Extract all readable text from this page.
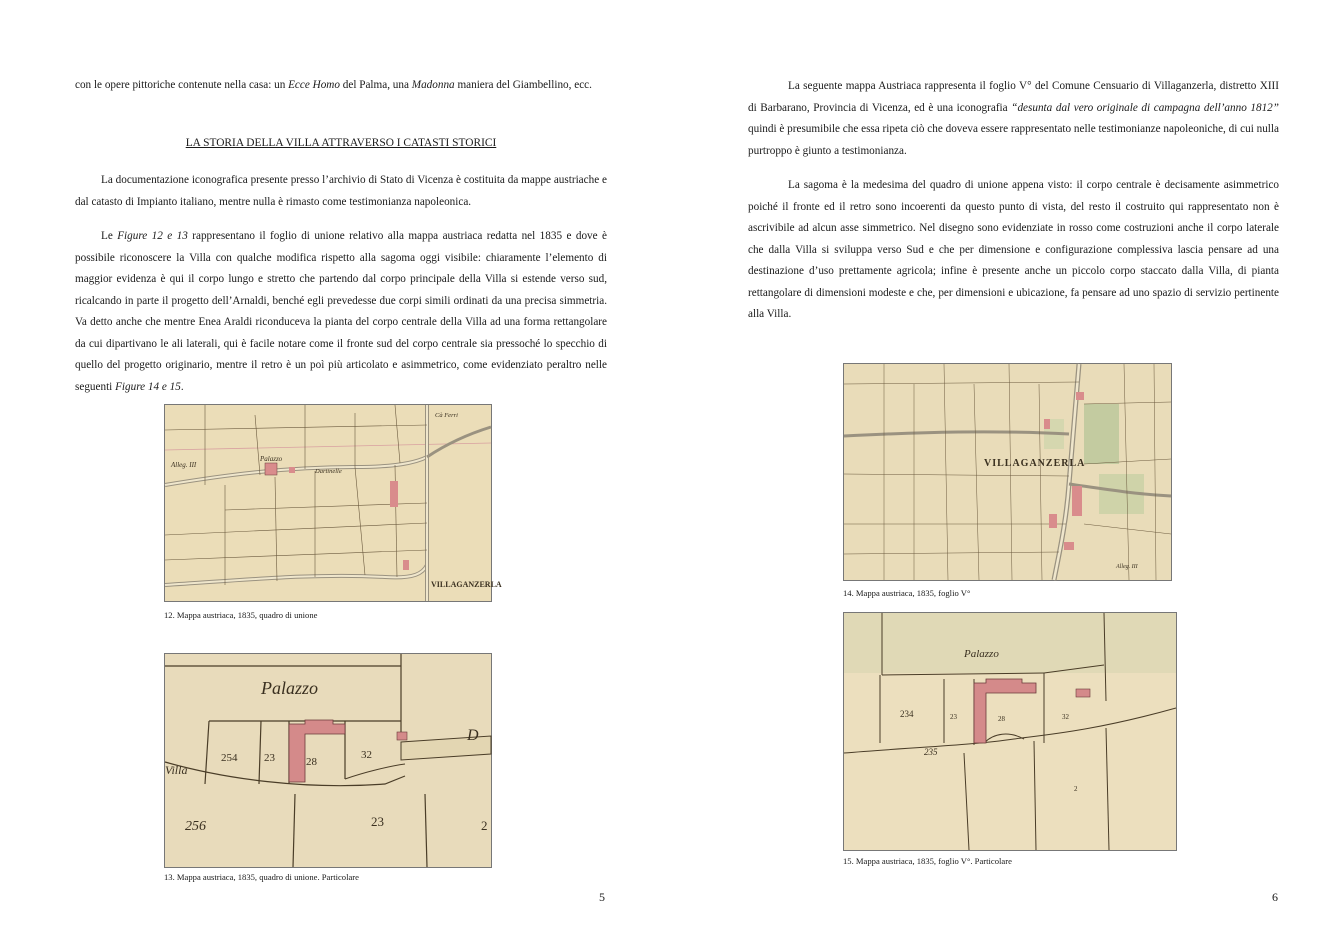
con le opere pittoriche contenute nella casa: un Ecce Homo del Palma, una Madonna maniera del Giambellino, ecc.

LA STORIA DELLA VILLA ATTRAVERSO I CATASTI STORICI

La documentazione iconografica presente presso l’archivio di Stato di Vicenza è costituita da mappe austriache e dal catasto di Impianto italiano, mentre nulla è rimasto come testimonianza napoleonica.

Le Figure 12 e 13 rappresentano il foglio di unione relativo alla mappa austriaca redatta nel 1835 e dove è possibile riconoscere la Villa con qualche modifica rispetto alla sagoma oggi visibile: chiaramente l’elemento di maggior evidenza è qui il corpo lungo e stretto che partendo dal corpo principale della Villa si estende verso sud, ricalcando in parte il progetto dell’Arnaldi, benché egli prevedesse due corpi simili ordinati da una precisa simmetria. Va detto anche che mentre Enea Araldi riconduceva la pianta del corpo centrale della Villa ad una forma rettangolare da cui dipartivano le ali laterali, qui è facile notare come il fronte sud del corpo centrale sia pressoché lo specchio di quello del progetto originario, mentre il retro è un poì più articolato e asimmetrico, come evidenziato peraltro nelle seguenti Figure 14 e 15.

Palazzo
Alleg. III
Dartinelle
Cà Ferri
VILLAGANZERLA

12. Mappa austriaca, 1835, quadro di unione

Palazzo
Villa
254 23	28
32
256	23	2
D

13. Mappa austriaca, 1835, quadro di unione. Particolare

5

La seguente mappa Austriaca rappresenta il foglio V° del Comune Censuario di Villaganzerla, distretto XIII di Barbarano, Provincia di Vicenza, ed è una iconografia “desunta dal vero originale di campagna dell’anno 1812” quindi è presumibile che essa ripeta ciò che doveva essere rappresentato nelle testimonianze napoleoniche, di cui nulla purtroppo è giunto a testimonianza.

La sagoma è la medesima del quadro di unione appena visto: il corpo centrale è decisamente asimmetrico poiché il fronte ed il retro sono incoerenti da questo punto di vista, del resto il costruito qui rappresentato non è ascrivibile ad alcun asse simmetrico. Nel disegno sono evidenziate in rosso come costruzioni anche il corpo laterale che dalla Villa si sviluppa verso Sud e che per dimensione e configurazione complessiva lascia pensare ad una destinazione d’uso prettamente agricola; infine è presente anche un piccolo corpo staccato dalla Villa, di pianta rettangolare di dimensioni modeste e che, per dimensioni e ubicazione, fa pensare ad uno spazio di servizio pertinente alla Villa.

VILLAGANZERLA
Alleg. III

14. Mappa austriaca, 1835, foglio V°

Palazzo
234	23	28	32
235
2

15. Mappa austriaca, 1835, foglio V°. Particolare

6
